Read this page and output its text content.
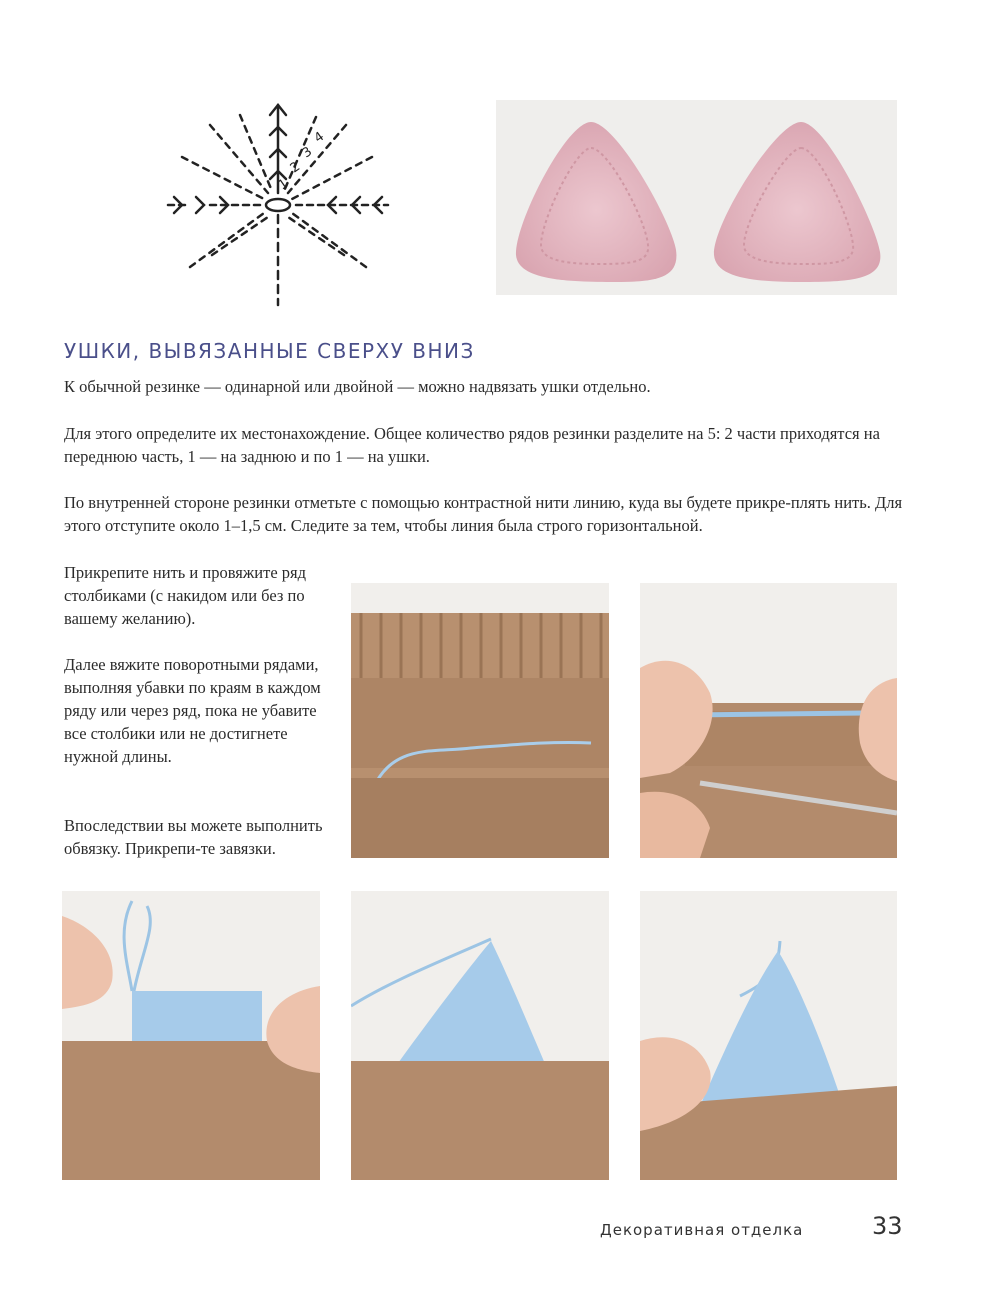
1
2
3
4
УШКИ, ВЫВЯЗАННЫЕ СВЕРХУ ВНИЗ

К обычной резинке — одинарной или двойной — можно надвязать ушки отдельно.

Для этого определите их местонахождение. Общее количество рядов резинки разделите на 5: 2 части приходятся на переднюю часть, 1 — на заднюю и по 1 — на ушки.

По внутренней стороне резинки отметьте с помощью контрастной нити линию, куда вы будете прикре-плять нить. Для этого отступите около 1–1,5 см. Следите за тем, чтобы линия была строго горизонтальной.

Прикрепите нить и провяжите ряд столбиками (с накидом или без по вашему желанию).

Далее вяжите поворотными рядами, выполняя убавки по краям в каждом ряду или через ряд, пока не убавите все столбики или не достигнете нужной длины.

Впоследствии вы можете выполнить обвязку. Прикрепи-те завязки.

Декоративная отделка	33
